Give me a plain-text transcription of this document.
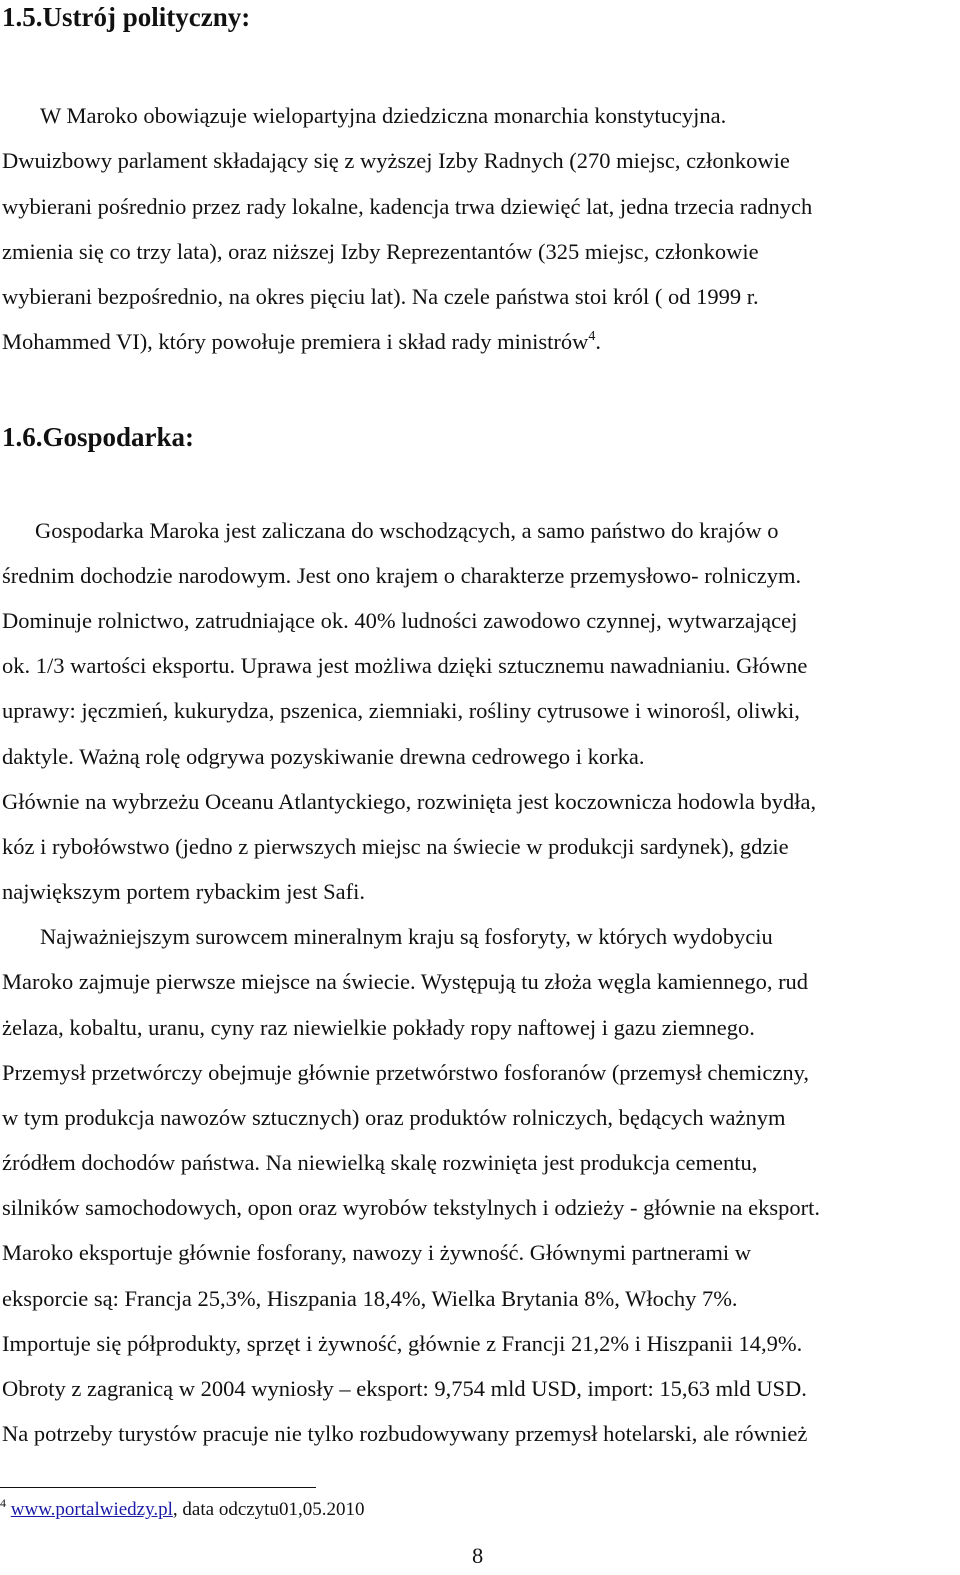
1.5.Ustrój polityczny:

W Maroko obowiązuje wielopartyjna dziedziczna monarchia konstytucyjna.

Dwuizbowy parlament składający się z wyższej Izby Radnych (270 miejsc, członkowie

wybierani pośrednio przez rady lokalne, kadencja trwa dziewięć lat, jedna trzecia radnych

zmienia się co trzy lata), oraz niższej Izby Reprezentantów (325 miejsc, członkowie

wybierani bezpośrednio, na okres pięciu lat). Na czele państwa stoi król ( od 1999 r.

Mohammed VI), który powołuje premiera i skład rady ministrów$^4$.

1.6.Gospodarka:

Gospodarka Maroka jest zaliczana do wschodzących, a samo państwo do krajów o

średnim dochodzie narodowym. Jest ono krajem o charakterze przemysłowo- rolniczym.

Dominuje rolnictwo, zatrudniające ok. 40% ludności zawodowo czynnej, wytwarzającej

ok. 1/3 wartości eksportu. Uprawa jest możliwa dzięki sztucznemu nawadnianiu. Główne

uprawy: jęczmień, kukurydza, pszenica, ziemniaki, rośliny cytrusowe i winorośl, oliwki,

daktyle. Ważną rolę odgrywa pozyskiwanie drewna cedrowego i korka.

Głównie na wybrzeżu Oceanu Atlantyckiego, rozwinięta jest koczownicza hodowla bydła,

kóz i rybołówstwo (jedno z pierwszych miejsc na świecie w produkcji sardynek), gdzie

największym portem rybackim jest Safi.

Najważniejszym surowcem mineralnym kraju są fosforyty, w których wydobyciu

Maroko zajmuje pierwsze miejsce na świecie. Występują tu złoża węgla kamiennego, rud

żelaza, kobaltu, uranu, cyny raz niewielkie pokłady ropy naftowej i gazu ziemnego.

Przemysł przetwórczy obejmuje głównie przetwórstwo fosforanów (przemysł chemiczny,

w tym produkcja nawozów sztucznych) oraz produktów rolniczych, będących ważnym

źródłem dochodów państwa. Na niewielką skalę rozwinięta jest produkcja cementu,

silników samochodowych, opon oraz wyrobów tekstylnych i odzieży - głównie na eksport.

Maroko eksportuje głównie fosforany, nawozy i żywność. Głównymi partnerami w

eksporcie są: Francja 25,3%, Hiszpania 18,4%, Wielka Brytania 8%, Włochy 7%.

Importuje się półprodukty, sprzęt i żywność, głównie z Francji 21,2% i Hiszpanii 14,9%.

Obroty z zagranicą w 2004 wyniosły – eksport: 9,754 mld USD, import: 15,63 mld USD.

Na potrzeby turystów pracuje nie tylko rozbudowywany przemysł hotelarski, ale również

$^4$ www.portalwiedzy.pl, data odczytu01,05.2010
8
